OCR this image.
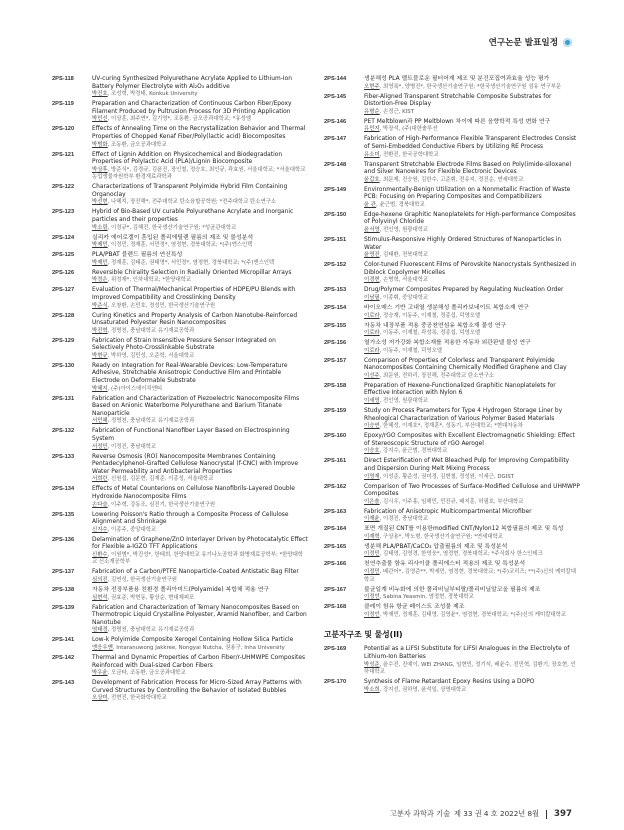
연구논문 발표일정
2PS-118	UV-curing Synthesized Polyurethane Acrylate Applied to Lithium-Ion Battery Polymer Electrolyte with Al₂O₃ additive
박진호, 조성혁, 박정태, Konkuk University
2PS-119	Preparation and Characterization of Continuous Carbon Fiber/Epoxy Filament Produced by Pultrusion Process for 3D Printing Application
박민선, 이상훈, 최주연*, 김기영*, 조동환, 금오공과대학교; *유성엠
2PS-120	Effects of Annealing Time on the Recrystallization Behavior and Thermal Properties of Chopped Kenaf Fiber/Poly(lactic acid) Biocomposites
박범화, 조동환, 금오공과대학교
2PS-121	Effect of Lignin Addition on Physicochemical and Biodegradation Properties of Polylactic Acid (PLA)/Lignin Biocomposite
박상후, 방준식*, 김경규, 김윤진, 장인철, 정승호, 최인규, 곽효원, 서울대학교; *서울대학교 농업생물자원학부 환경재료과학과
2PS-122	Characterizations of Transparent Polyimide Hybrid Film Containing Organoclay
박선현, 나혜지, 장진해*, 전주대학교 탄소융합공학원; *전주대학교 탄소연구소
2PS-123	Hybrid of Bio-Based UV curable Polyurethane Acrylate and Inorganic particles and their properties
박소림, 이정규*, 김혜진, 한국생산기술연구원; *성균관대학교
2PS-124	실리카 에어로겔이 혼입된 폴리에틸렌 필름의 제조 및 물성분석
박제민, 이정민, 정재훈, 서민정*, 염정현, 경북대학교; *(주)엔스인텍
2PS-125	PLA/PBAT 블렌드 필름의 연신특성
박제민, 정재훈, 김태준, 권태영*, 서민정*, 염정현, 경북대학교; *(주)엔스인텍
2PS-126	Reversible Chirality Selection in Radially Oriented Micropillar Arrays
박정은, 위정재*, 인하대학교; *한양대학교
2PS-127	Evaluation of Thermal/Mechanical Properties of HDPE/PU Blends with Improved Compatibility and Crosslinking Density
박준식, 오창환, 손민호, 정성민, 한국생산기술연구원
2PS-128	Curing Kinetics and Property Analysis of Carbon Nanotube-Reinforced Unsaturated Polyester Resin Nanocomposites
박진혁, 정명천, 충남대학교 유기재료공학과
2PS-129	Fabrication of Strain Insensitive Pressure Sensor Integrated on Selectively Photo-Crosslinkable Substrate
박현규, 박하영, 김민성, 오준학, 서울대학교
2PS-130	Ready on Integration for Real-Wearable Devices: Low-Temperature Adhesive, Stretchable Anisotropic Conductive Film and Printable Electrode on Deformable Substrate
박혜지, (주)아이스에이치엔티
2PS-131	Fabrication and Characterization of Piezoelectric Nanocomposite Films Based on Anionic Waterborne Polyurethane and Barium Titanate Nanoparticle
서민혜, 정명천, 충남대학교 유기재료공학과
2PS-132	Fabrication of Functional Nanofiber Layer Based on Electrospinning System
서정민, 이정진, 충남대학교
2PS-133	Reverse Osmosis (RO) Nanocomposite Membranes Containing Pentadecylphenol-Grafted Cellulose Nanocrystal (f-CNC) with Improve Water Permeability and Antibacterial Properties
서희란, 신원섭, 김문현, 김재준, 이종성, 서울대학교
2PS-134	Effects of Metal Counterions on Cellulose Nanofibrils-Layered Double Hydroxide Nanocomposite Films
손다슬, 이주혁, 강동조, 심진기, 한국생산기술연구원
2PS-135	Lowering Poisson's Ratio through a Composite Process of Cellulose Alignment and Shrinkage
신지수, 이종주, 중앙대학교
2PS-136	Delamination of Graphene/ZnO Interlayer Driven by Photocatalytic Effect for Flexible a-IGZO TFT Applications
신환수, 이원범*, 박진성*, 한태희, 한양대학교 유기나노공학과 화병재료공학부; *한양대학교 신소재공학부
2PS-137	Fabrication of a Carbon/PTFE Nanoparticle-Coated Antistatic Bag Filter
심의진, 김연성, 한국생산기술연구원
2PS-138	자동차 전장부품용 친환경 폴리아미드(Polyamide) 복합체 적용 연구
심현석, 권효준, 박현동, 황상순, 현대제피포
2PS-139	Fabrication and Characterization of Ternary Nanocomposites Based on Thermotropic Liquid Crystalline Polyester, Aramid Nanofiber, and Carbon Nanotube
염태경, 정명천, 충남대학교 유기재료공학과
2PS-141	Low-k Polyimide Composite Xerogel Containing Hollow Silica Particle
엔응우옌, Intaranuwong Jakkree, Nongyai Nutcha, 권용구, Inha University
2PS-142	Thermal and Dynamic Properties of Carbon Fiber/r-UHMWPE Composites Reinforced with Dual-sized Carbon Fibers
박우윤, 오금타, 조동환, 금오공과대학교
2PS-143	Development of Fabrication Process for Micro-Sized Array Patterns with Curved Structures by Controlling the Behavior of Isolated Bubbles
오상미, 전현진, 한국화학대학교
2PS-144	생분해성 PLA 멜트블로운 필터어재 제조 및 분진포집여과효율 성능 평가
오현주, 최영록*, 양병진*, 한국생산기술연구원; *한국생산기술연구원 섬유 연구부문
2PS-145	Fiber-Aligned Transparent Stretchable Composite Substrates for Distortion-Free Display
유형순, 손정근, KIST
2PS-146	PET Meltblown과 PP Meltblown 차이에 따른 음향학적 특성 변화 연구
유민지, 박장석, (주)대한솔루션
2PS-147	Fabrication of High-Performance Flexible Transparent Electrodes Consist of Semi-Embedded Conductive Fibers by Utilizing RE Process
유소미, 전환진, 한국공학대학교
2PS-148	Transparent Stretchable Electrode Films Based on Poly(imide-siloxane) and Silver Nanowires for Flexible Electronic Devices
윤갑호, 최문제, 진승원, 김한수, 고준휘, 전유지, 정진순, 연세대학교
2PS-149	Environmentally-Benign Utilization on a Nonmetallic Fraction of Waste PCB: Focusing on Preparing Composites and Compatibilizers
윤 관, 윤근범, 경북대학교
2PS-150	Edge-hexene Graphitic Nanoplatelets for High-performance Composites of Polyvinyl Chloride
윤서영, 전인영, 원광대학교
2PS-151	Stimulus-Responsive Highly Ordered Structures of Nanoparticles in Water
윤영진, 김태환, 전북대학교
2PS-152	Color-tuned Fluorescent Films of Perovskite Nanocrystals Synthesized in Diblock Copolymer Micelles
이경현, 손병혁, 서울대학교
2PS-153	Drug/Polymer Composites Prepared by Regulating Nucleation Order
이남필, 이종휘, 중앙대학교
2PS-154	바이오매스 기반 고내열 생분해성 폴리카보네이트 복합소재 연구
이로라, 정승재, 이동주, 이재철, 정종섭, 덕영오엘
2PS-155	자동차 내장부품 적용 중공천연섬유 복합소재 물성 연구
이로라, 이동주, 이재철, 곽성록, 정종섭, 덕영오엘
2PS-156	열가소성 저가강화 복합소재를 적용한 자동차 외관판넬 물성 연구
이로라, 이동주, 이재철, 덕영오엘
2PS-157	Comparison of Properties of Colorless and Transparent Polyimide Nanocomposites Containing Chemically Modified Graphene and Clay
이선주, 최문원, 전하리, 장진해, 전주대학교 탄소연구소
2PS-158	Preparation of Hexene-Functionalized Graphitic Nanoplatelets for Effective Interaction with Nylon 6
이세영, 전인영, 원광대학교
2PS-159	Study on Process Parameters for Type 4 Hydrogen Storage Liner by Rheological Characterization of Various Polymer Based Materials
이승연, 한혜성, 이재호*, 정재훈*, 성동기, 부산대학교; *현대자동차
2PS-160	Epoxy/rGO Composites with Excellent Electromagnetic Shielding: Effect of Stereoscopic Structure of rGO Aerogel
이승호, 강지수, 윤근범, 경북대학교
2PS-161	Direct Esterification of Wet Bleached Pulp for Improving Compatibility and Dispersion During Melt Mixing Process
이영재, 이성준, 황준성, 권미경, 김현철, 정성원, 이세근, DGIST
2PS-162	Comparison of Two Processes of Surface-Modified Cellulose and UHMWPP Composites
이은솔, 김시우, 이주홍, 임해민, 민진규, 배지훈, 허필호, 부산대학교
2PS-163	Fabrication of Anisotropic Multicompartmental Microfiber
이재윤, 이경진, 충남대학교
2PS-164	표면 개질된 CNT를 이용한modified CNT/Nylon12 복합필름의 제조 및 특성
이재혁, 구상용*, 박노형, 한국생산기술연구원; *연세대학교
2PS-165	생분해 PLA/PBAT/CaCO₃ 압출필름의 제조 및 특성분석
이정민, 김태영, 김영경, 한영웅*, 염정현, 경북대학교; *주식회사 한스인테크
2PS-166	천연추출물 함유 리사이클 폴리에스터 적용의 제조 및 특성분석
이정민, 배관어*, 김영준**, 박세민, 염정현, 경북대학교; *(주)코리즈; **(주)신의 케미칼대학교
2PS-167	불균일계 비누화에 의한 폴리비닐부티랄/폴리비닐알코올 필름의 제조
이정언, Sabina Yeasmin, 염정현, 경북대학교
2PS-168	클레이 함유 항균 페이스트 조성물 제조
이정언, 박재민, 정재훈, 김태영, 김영윤*, 염정현, 경북대학교; *(주)신의 케미칼대학교
고분자구조 및 물성(II)
2PS-169	Potential as a LiFSI Substitute for LiFSI Analogues in the Electrolyte of Lithium-Ion Batteries
박성준, 윤수진, 진예이, WEI ZHANG, 임현민, 정기석, 배윤수, 전민혁, 김환기, 장호현, 인하대학교
2PS-170	Synthesis of Flame Retardant Epoxy Resins Using a DOPO
박소희, 강지선, 권하영, 윤석일, 상명대학교
고분자 과학과 기술 제 33 권 4 호 2022년 8월 397
